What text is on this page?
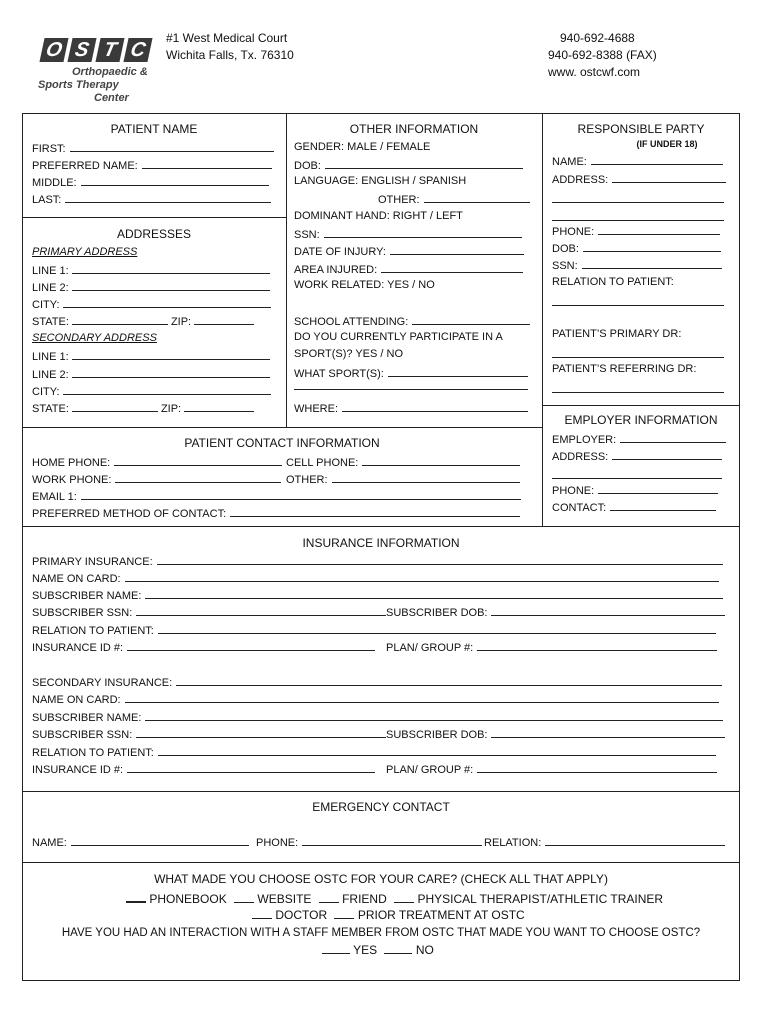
O S T C
Orthopaedic &
Sports Therapy
Center
#1 West Medical Court
Wichita Falls, Tx. 76310
940-692-4688
940-692-8388 (FAX)
www. ostcwf.com
PATIENT NAME
FIRST:
PREFERRED NAME:
MIDDLE:
LAST:
ADDRESSES
PRIMARY ADDRESS
LINE 1:
LINE 2:
CITY:
STATE:	ZIP:
SECONDARY ADDRESS
LINE 1:
LINE 2:
CITY:
STATE:	ZIP:
OTHER INFORMATION
GENDER: MALE / FEMALE
DOB:
LANGUAGE: ENGLISH / SPANISH
OTHER:
DOMINANT HAND: RIGHT / LEFT
SSN:
DATE OF INJURY:
AREA INJURED:
WORK RELATED: YES / NO
SCHOOL ATTENDING:
DO YOU CURRENTLY PARTICIPATE IN A
SPORT(S)? YES / NO
WHAT SPORT(S):
WHERE:
RESPONSIBLE PARTY
(IF UNDER 18)
NAME:
ADDRESS:
PHONE:
DOB:
SSN:
RELATION TO PATIENT:
PATIENT’S PRIMARY DR:
PATIENT’S REFERRING DR:
EMPLOYER INFORMATION
EMPLOYER:
ADDRESS:
PHONE:
CONTACT:
PATIENT CONTACT INFORMATION
HOME PHONE:	CELL PHONE:
WORK PHONE:	OTHER:
EMAIL 1:
PREFERRED METHOD OF CONTACT:
INSURANCE INFORMATION
PRIMARY INSURANCE:
NAME ON CARD:
SUBSCRIBER NAME:
SUBSCRIBER SSN:	SUBSCRIBER DOB:
RELATION TO PATIENT:
INSURANCE ID #:	PLAN/ GROUP #:
SECONDARY INSURANCE:
NAME ON CARD:
SUBSCRIBER NAME:
SUBSCRIBER SSN:	SUBSCRIBER DOB:
RELATION TO PATIENT:
INSURANCE ID #:	PLAN/ GROUP #:
EMERGENCY CONTACT
NAME:	PHONE:	RELATION:
WHAT MADE YOU CHOOSE OSTC FOR YOUR CARE? (CHECK ALL THAT APPLY)
PHONEBOOK	WEBSITE	FRIEND	PHYSICAL THERAPIST/ATHLETIC TRAINER
DOCTOR	PRIOR TREATMENT AT OSTC
HAVE YOU HAD AN INTERACTION WITH A STAFF MEMBER FROM OSTC THAT MADE YOU WANT TO CHOOSE OSTC?
YES	NO
